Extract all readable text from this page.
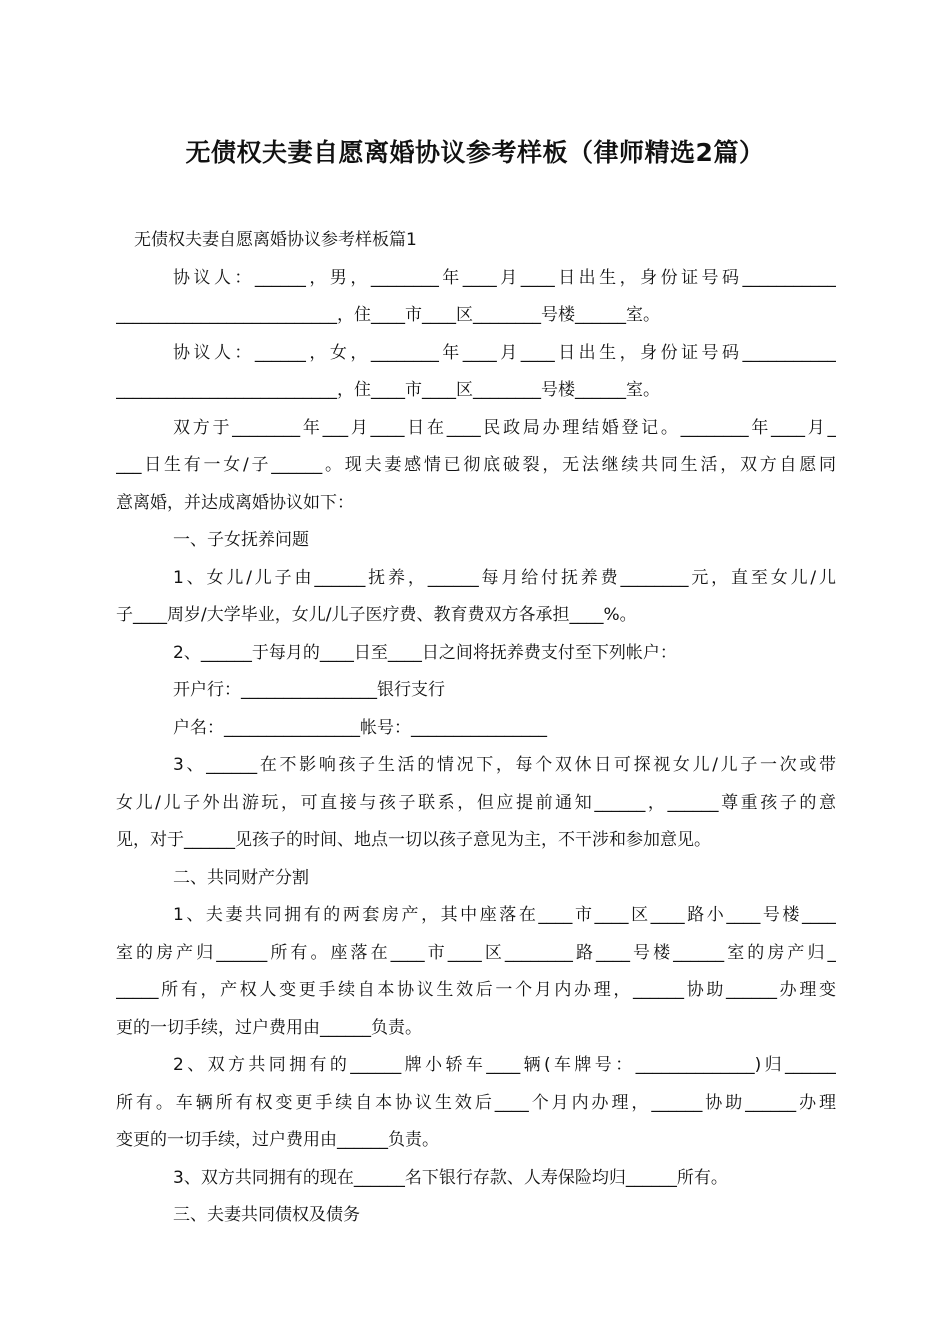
无债权夫妻自愿离婚协议参考样板（律师精选2篇）
无债权夫妻自愿离婚协议参考样板篇1
协议人：______，男，________年____月____日出生，身份证号码___________
__________________________，住____市____区________号楼______室。
协议人：______，女，________年____月____日出生，身份证号码___________
__________________________，住____市____区________号楼______室。
双方于________年___月____日在____民政局办理结婚登记。________年____月_
___日生有一女/子______。现夫妻感情已彻底破裂，无法继续共同生活，双方自愿同
意离婚，并达成离婚协议如下：
一、子女抚养问题
1、女儿/儿子由______抚养，______每月给付抚养费________元，直至女儿/儿
子____周岁/大学毕业，女儿/儿子医疗费、教育费双方各承担____%。
2、______于每月的____日至____日之间将抚养费支付至下列帐户：
开户行：________________银行支行
户名：________________帐号：________________
3、______在不影响孩子生活的情况下，每个双休日可探视女儿/儿子一次或带
女儿/儿子外出游玩，可直接与孩子联系，但应提前通知______，______尊重孩子的意
见，对于______见孩子的时间、地点一切以孩子意见为主，不干涉和参加意见。
二、共同财产分割
1、夫妻共同拥有的两套房产，其中座落在____市____区____路小____号楼____
室的房产归______所有。座落在____市____区________路____号楼______室的房产归_
_____所有，产权人变更手续自本协议生效后一个月内办理，______协助______办理变
更的一切手续，过户费用由______负责。
2、双方共同拥有的______牌小轿车____辆(车牌号：______________)归______
所有。车辆所有权变更手续自本协议生效后____个月内办理，______协助______办理
变更的一切手续，过户费用由______负责。
3、双方共同拥有的现在______名下银行存款、人寿保险均归______所有。
三、夫妻共同债权及债务
